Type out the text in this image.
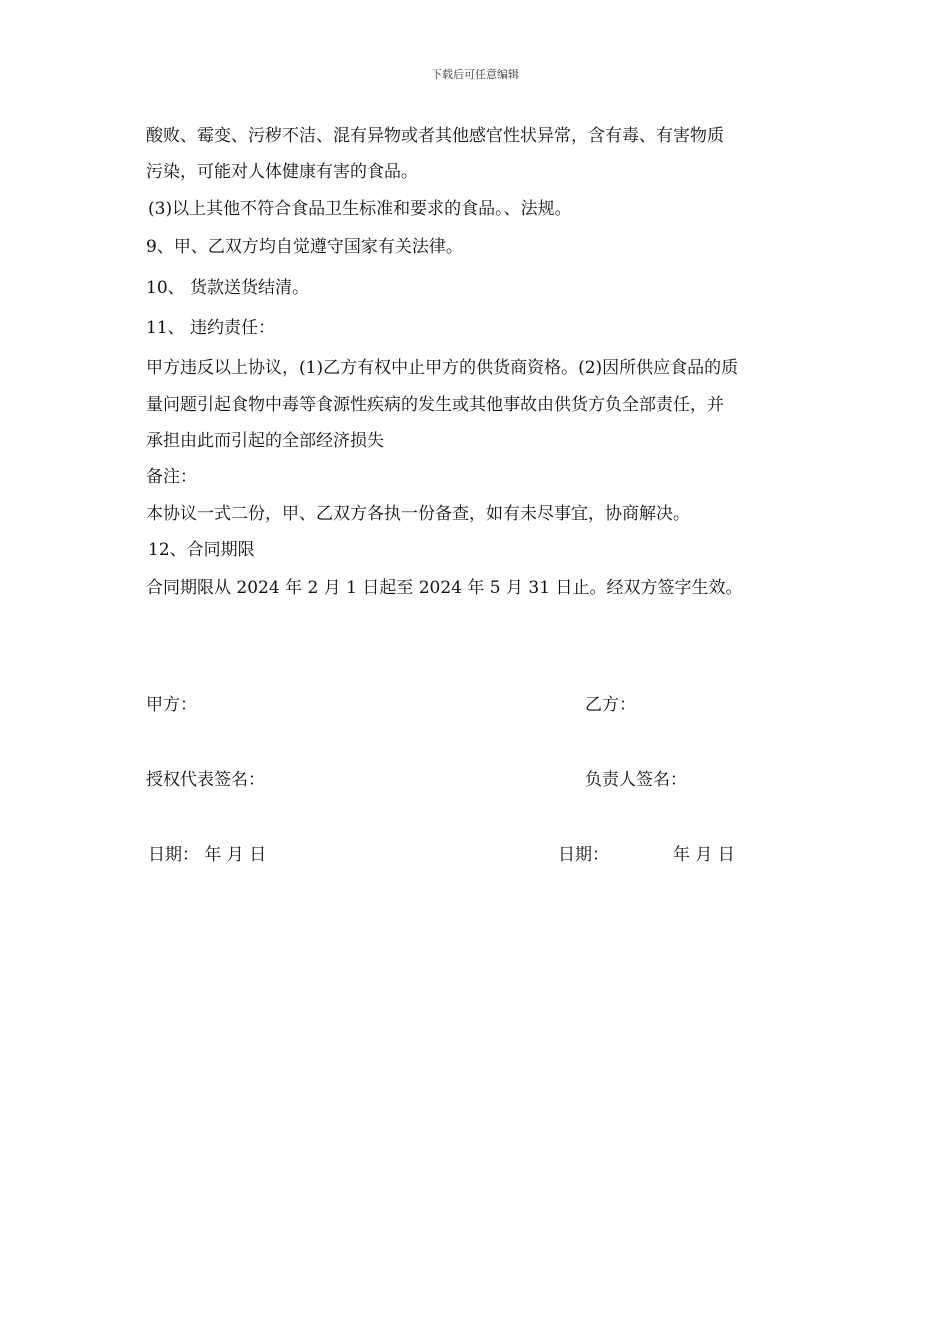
下载后可任意编辑
酸败、霉变、污秽不洁、混有异物或者其他感官性状异常，含有毒、有害物质
污染，可能对人体健康有害的食品。
(3)以上其他不符合食品卫生标准和要求的食品。、法规。
9、甲、乙双方均自觉遵守国家有关法律。
10、 货款送货结清。
11、 违约责任：
甲方违反以上协议，(1)乙方有权中止甲方的供货商资格。(2)因所供应食品的质
量问题引起食物中毒等食源性疾病的发生或其他事故由供货方负全部责任，并
承担由此而引起的全部经济损失
备注：
本协议一式二份，甲、乙双方各执一份备查，如有未尽事宜，协商解决。
12、合同期限
合同期限从 2024 年 2 月 1 日起至 2024 年 5 月 31 日止。经双方签字生效。
甲方：	乙方：
授权代表签名：	负责人签名：
日期： 年 月 日	日期：	年 月 日
